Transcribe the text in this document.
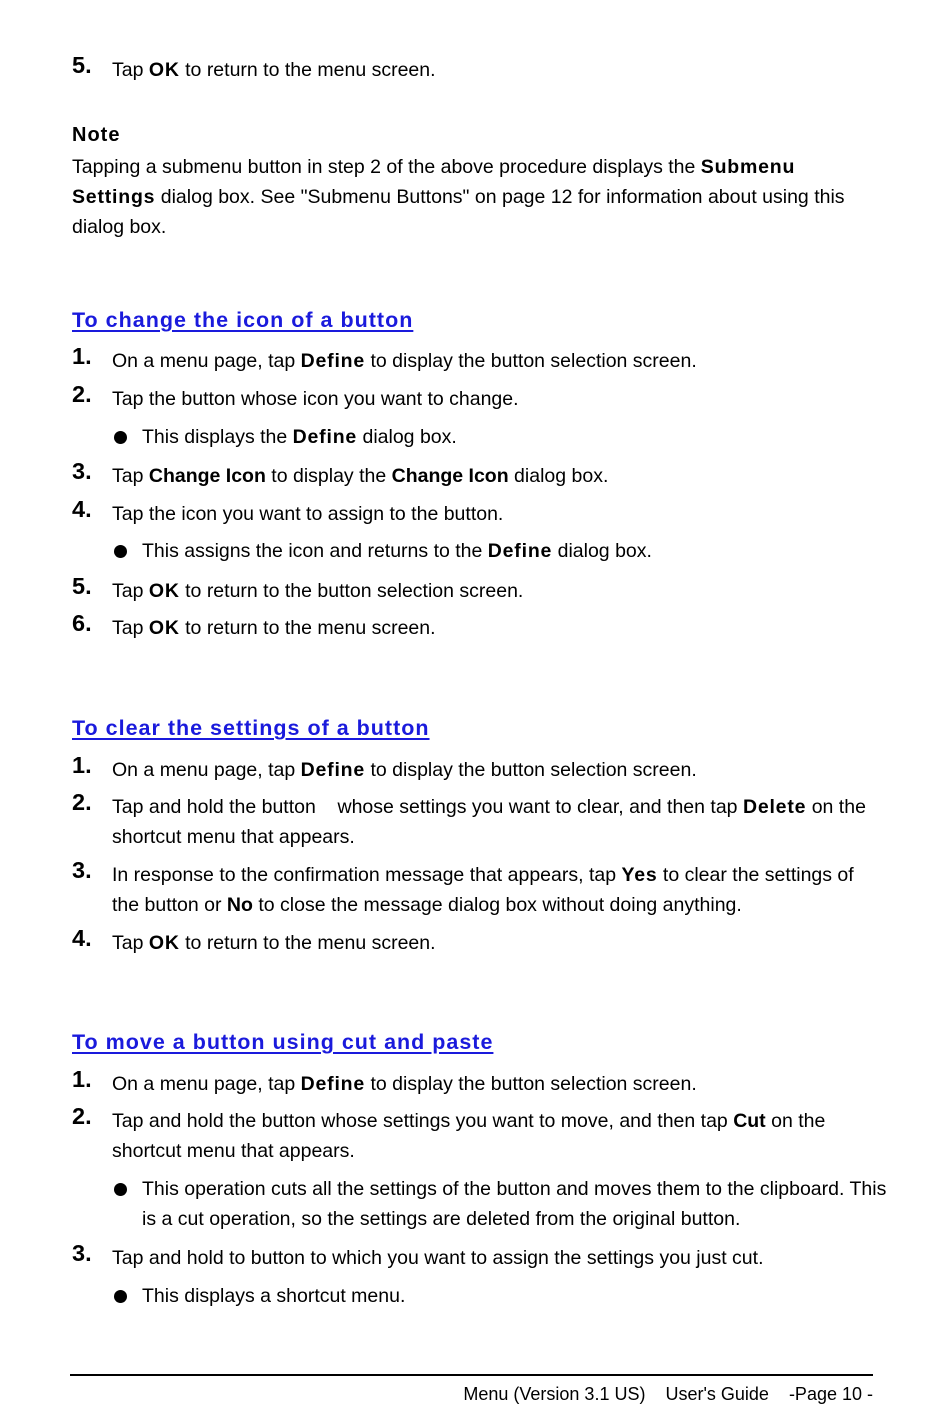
5. Tap OK to return to the menu screen.
Note
Tapping a submenu button in step 2 of the above procedure displays the Submenu Settings dialog box. See "Submenu Buttons" on page 12 for information about using this dialog box.
To change the icon of a button
1. On a menu page, tap Define to display the button selection screen.
2. Tap the button whose icon you want to change.
This displays the Define dialog box.
3. Tap Change Icon to display the Change Icon dialog box.
4. Tap the icon you want to assign to the button.
This assigns the icon and returns to the Define dialog box.
5. Tap OK to return to the button selection screen.
6. Tap OK to return to the menu screen.
To clear the settings of a button
1. On a menu page, tap Define to display the button selection screen.
2. Tap and hold the button    whose settings you want to clear, and then tap Delete on the shortcut menu that appears.
3. In response to the confirmation message that appears, tap Yes to clear the settings of the button or No to close the message dialog box without doing anything.
4. Tap OK to return to the menu screen.
To move a button using cut and paste
1. On a menu page, tap Define to display the button selection screen.
2. Tap and hold the button whose settings you want to move, and then tap Cut on the shortcut menu that appears.
This operation cuts all the settings of the button and moves them to the clipboard. This is a cut operation, so the settings are deleted from the original button.
3. Tap and hold to button to which you want to assign the settings you just cut.
This displays a shortcut menu.
Menu (Version 3.1 US)    User's Guide    -Page 10 -
